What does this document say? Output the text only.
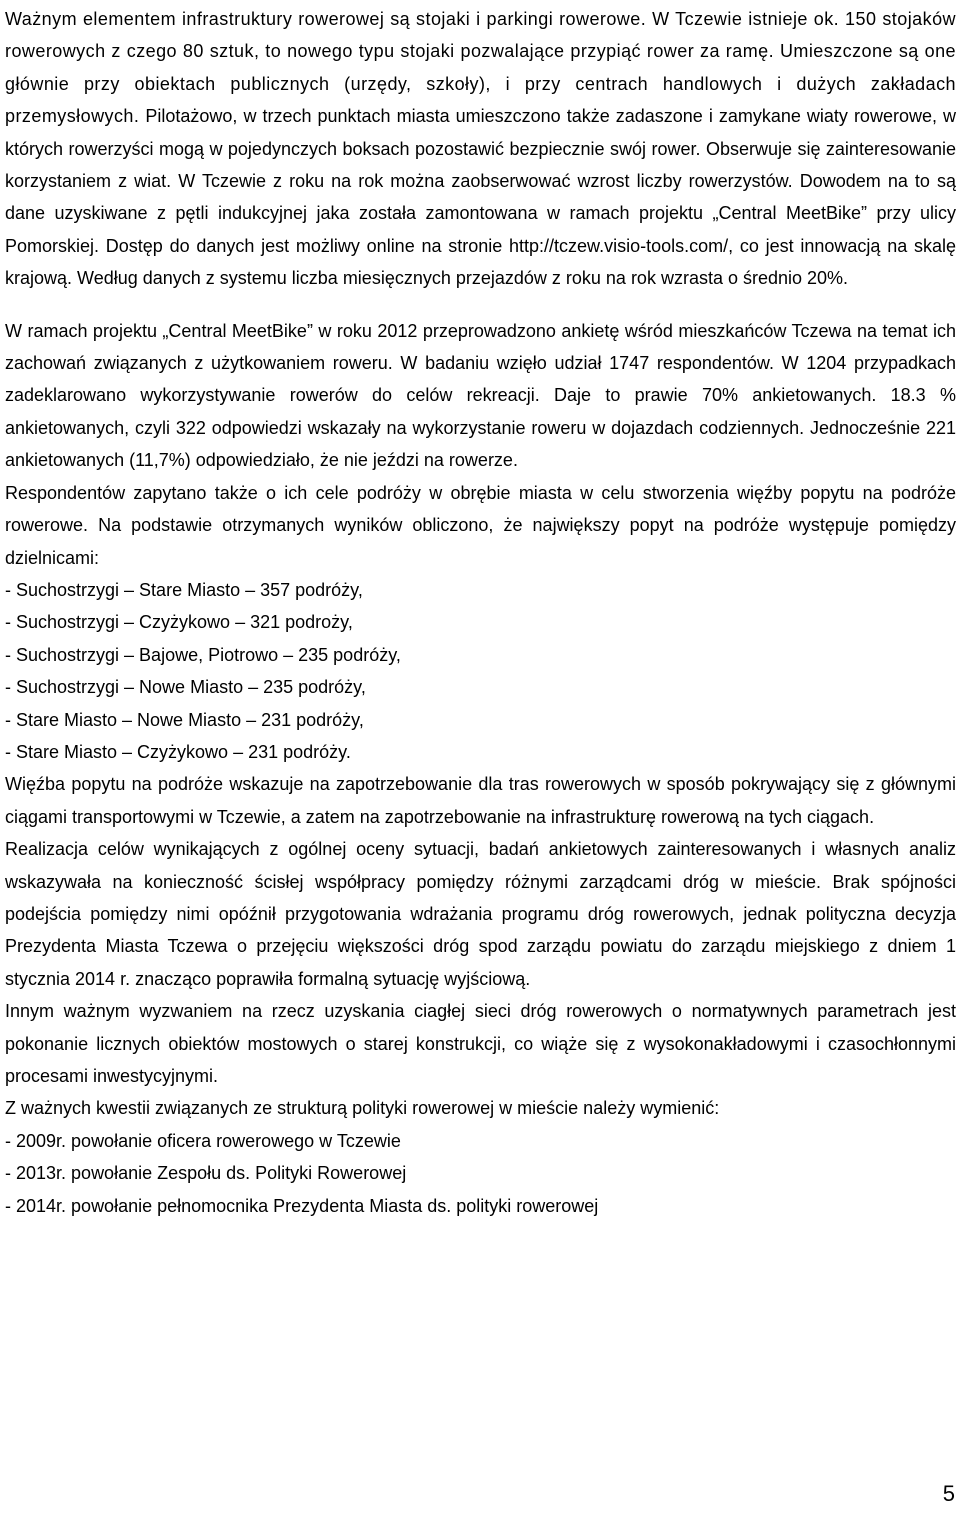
Ważnym elementem infrastruktury rowerowej są stojaki i parkingi rowerowe. W Tczewie istnieje ok. 150 stojaków rowerowych z czego 80 sztuk, to nowego typu stojaki pozwalające przypiąć rower za ramę. Umieszczone są one głównie przy obiektach publicznych (urzędy, szkoły), i przy centrach handlowych i dużych zakładach przemysłowych. Pilotażowo, w trzech punktach miasta umieszczono także zadaszone i zamykane wiaty rowerowe, w których rowerzyści mogą w pojedynczych boksach pozostawić bezpiecznie swój rower. Obserwuje się zainteresowanie korzystaniem z wiat. W Tczewie z roku na rok można zaobserwować wzrost liczby rowerzystów. Dowodem na to są dane uzyskiwane z pętli indukcyjnej jaka została zamontowana w ramach projektu „Central MeetBike” przy ulicy Pomorskiej. Dostęp do danych jest możliwy online na stronie http://tczew.visio-tools.com/, co jest innowacją na skalę krajową. Według danych z systemu liczba miesięcznych przejazdów z roku na rok wzrasta o średnio 20%.

W ramach projektu „Central MeetBike” w roku 2012 przeprowadzono ankietę wśród mieszkańców Tczewa na temat ich zachowań związanych z użytkowaniem roweru. W badaniu wzięło udział 1747 respondentów. W 1204 przypadkach zadeklarowano wykorzystywanie rowerów do celów rekreacji. Daje to prawie 70% ankietowanych. 18.3 % ankietowanych, czyli 322 odpowiedzi wskazały na wykorzystanie roweru w dojazdach codziennych. Jednocześnie 221 ankietowanych (11,7%) odpowiedziało, że nie jeździ na rowerze.

Respondentów zapytano także o ich cele podróży w obrębie miasta w celu stworzenia więźby popytu na podróże rowerowe. Na podstawie otrzymanych wyników obliczono, że największy popyt na podróże występuje pomiędzy dzielnicami:

- Suchostrzygi – Stare Miasto – 357 podróży,

- Suchostrzygi – Czyżykowo – 321 podroży,

- Suchostrzygi – Bajowe, Piotrowo – 235 podróży,

- Suchostrzygi – Nowe Miasto – 235 podróży,

- Stare Miasto – Nowe Miasto – 231 podróży,

- Stare Miasto – Czyżykowo – 231 podróży.

Więźba popytu na podróże wskazuje na zapotrzebowanie dla tras rowerowych w sposób pokrywający się z głównymi ciągami transportowymi w Tczewie, a zatem na zapotrzebowanie na infrastrukturę rowerową na tych ciągach.

Realizacja celów wynikających z ogólnej oceny sytuacji, badań ankietowych zainteresowanych i własnych analiz wskazywała na konieczność ścisłej współpracy pomiędzy różnymi zarządcami dróg w mieście. Brak spójności podejścia pomiędzy nimi opóźnił przygotowania wdrażania programu dróg rowerowych, jednak polityczna decyzja Prezydenta Miasta Tczewa o przejęciu większości dróg spod zarządu powiatu do zarządu miejskiego z dniem 1 stycznia 2014 r. znacząco poprawiła formalną sytuację wyjściową.

Innym ważnym wyzwaniem na rzecz uzyskania ciagłej sieci dróg rowerowych o normatywnych parametrach jest pokonanie licznych obiektów mostowych o starej konstrukcji, co wiąże się z wysokonakładowymi i czasochłonnymi procesami inwestycyjnymi.

Z ważnych kwestii związanych ze strukturą polityki rowerowej w mieście należy wymienić:

- 2009r. powołanie oficera rowerowego w Tczewie

- 2013r. powołanie Zespołu ds. Polityki Rowerowej

- 2014r. powołanie pełnomocnika Prezydenta Miasta ds. polityki rowerowej

5
